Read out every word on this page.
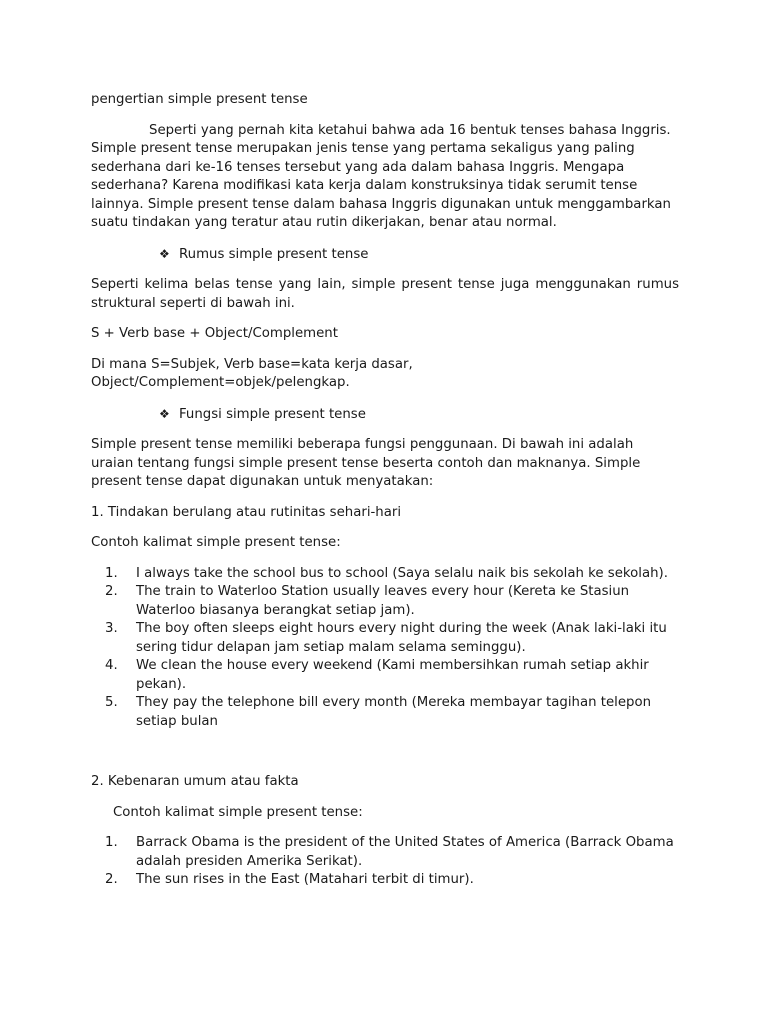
pengertian simple present tense

Seperti yang pernah kita ketahui bahwa ada 16 bentuk tenses bahasa Inggris. Simple present tense merupakan jenis tense yang pertama sekaligus yang paling sederhana dari ke-16 tenses tersebut yang ada dalam bahasa Inggris. Mengapa sederhana? Karena modifikasi kata kerja dalam konstruksinya tidak serumit tense lainnya. Simple present tense dalam bahasa Inggris digunakan untuk menggambarkan suatu tindakan yang teratur atau rutin dikerjakan, benar atau normal.

❖ Rumus simple present tense

Seperti kelima belas tense yang lain, simple present tense juga menggunakan rumus struktural seperti di bawah ini.

S + Verb base + Object/Complement

Di mana S=Subjek, Verb base=kata kerja dasar,

Object/Complement=objek/pelengkap.

❖ Fungsi simple present tense

Simple present tense memiliki beberapa fungsi penggunaan. Di bawah ini adalah uraian tentang fungsi simple present tense beserta contoh dan maknanya. Simple present tense dapat digunakan untuk menyatakan:

1. Tindakan berulang atau rutinitas sehari-hari

Contoh kalimat simple present tense:

1.	I always take the school bus to school (Saya selalu naik bis sekolah ke sekolah).
2.	The train to Waterloo Station usually leaves every hour (Kereta ke Stasiun Waterloo biasanya berangkat setiap jam).
3.	The boy often sleeps eight hours every night during the week (Anak laki-laki itu sering tidur delapan jam setiap malam selama seminggu).
4.	We clean the house every weekend (Kami membersihkan rumah setiap akhir pekan).
5.	They pay the telephone bill every month (Mereka membayar tagihan telepon setiap bulan

2. Kebenaran umum atau fakta

Contoh kalimat simple present tense:

1.	Barrack Obama is the president of the United States of America (Barrack Obama adalah presiden Amerika Serikat).
2.	The sun rises in the East (Matahari terbit di timur).
